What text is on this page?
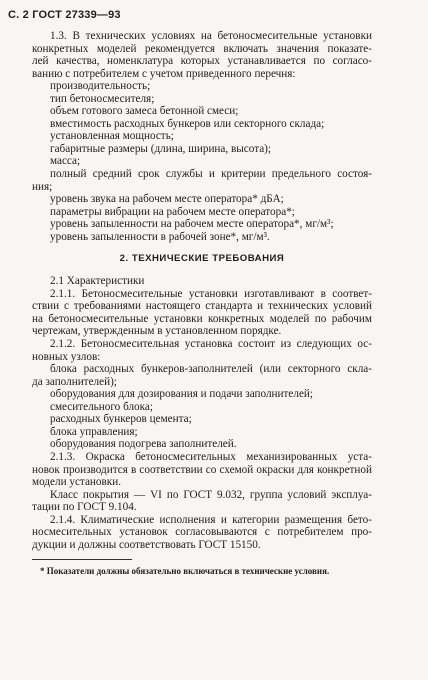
С. 2 ГОСТ 27339—93
1.3. В технических условиях на бетоносмесительные установки
конкретных моделей рекомендуется включать значения показате-
лей качества, номенклатура которых устанавливается по согласо-
ванию с потребителем с учетом приведенного перечня:
производительность;
тип бетоносмесителя;
объем готового замеса бетонной смеси;
вместимость расходных бункеров или секторного склада;
установленная мощность;
габаритные размеры (длина, ширина, высота);
масса;
полный средний срок службы и критерии предельного состоя-
ния;
уровень звука на рабочем месте оператора* дБА;
параметры вибрации на рабочем месте оператора*;
уровень запыленности на рабочем месте оператора*, мг/м³;
уровень запыленности в рабочей зоне*, мг/м³.
2. ТЕХНИЧЕСКИЕ ТРЕБОВАНИЯ
2.1 Характеристики
2.1.1. Бетоносмесительные установки изготавливают в соответ-
ствии с требованиями настоящего стандарта и технических условий
на бетоносмесительные установки конкретных моделей по рабочим
чертежам, утвержденным в установленном порядке.
2.1.2. Бетоносмесительная установка состоит из следующих ос-
новных узлов:
блока расходных бункеров-заполнителей (или секторного скла-
да заполнителей);
оборудования для дозирования и подачи заполнителей;
смесительного блока;
расходных бункеров цемента;
блока управления;
оборудования подогрева заполнителей.
2.1.3. Окраска бетоносмесительных механизированных уста-
новок производится в соответствии со схемой окраски для конкретной
модели установки.
Класс покрытия — VI по ГОСТ 9.032, группа условий эксплуа-
тации по ГОСТ 9.104.
2.1.4. Климатические исполнения и категории размещения бето-
носмесительных установок согласовываются с потребителем про-
дукции и должны соответствовать ГОСТ 15150.
* Показатели должны обязательно включаться в технические условия.
